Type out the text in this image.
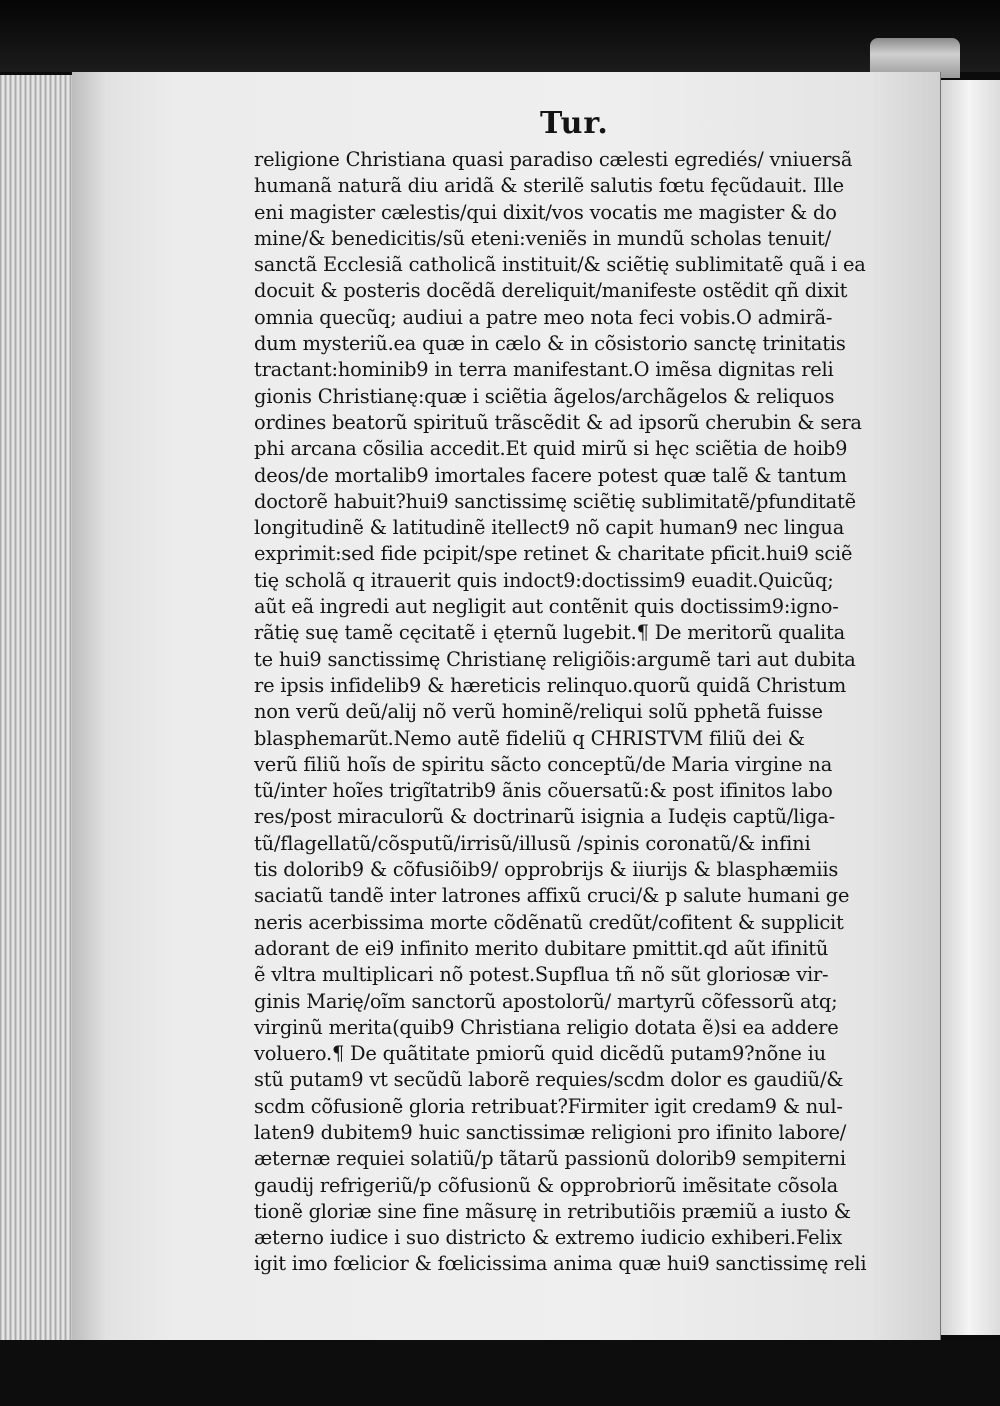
Tur.
religione Christiana quasi paradiso cælesti egrediés/ vniuersã
humanã naturã diu aridã & sterilẽ salutis fœtu fęcũdauit. Ille
eni magister cælestis/qui dixit/vos vocatis me magister & do
mine/& benedicitis/sũ eteni:veniẽs in mundũ scholas tenuit/
sanctã Ecclesiã catholicã instituit/& sciẽtię sublimitatẽ quã i ea
docuit & posteris docẽdã dereliquit/manifeste ostẽdit qñ dixit
omnia quecũq; audiui a patre meo nota feci vobis.O admirã-
dum mysteriũ.ea quæ in cælo & in cõsistorio sanctę trinitatis
tractant:hominib9 in terra manifestant.O imẽsa dignitas reli
gionis Christianę:quæ i sciẽtia ãgelos/archãgelos & reliquos
ordines beatorũ spirituũ trãscẽdit & ad ipsorũ cherubin & sera
phi arcana cõsilia accedit.Et quid mirũ si hęc sciẽtia de hoib9
deos/de mortalib9 imortales facere potest quæ talẽ & tantum
doctorẽ habuit?hui9 sanctissimę sciẽtię sublimitatẽ/pfunditatẽ
longitudinẽ & latitudinẽ itellect9 nõ capit human9 nec lingua
exprimit:sed fide pcipit/spe retinet & charitate pficit.hui9 sciẽ
tię scholã q itrauerit quis indoct9:doctissim9 euadit.Quicũq;
aũt eã ingredi aut negligit aut contẽnit quis doctissim9:igno-
rãtię suę tamẽ cęcitatẽ i ęternũ lugebit.¶ De meritorũ qualita
te hui9 sanctissimę Christianę religiõis:argumẽ tari aut dubita
re ipsis infidelib9 & hæreticis relinquo.quorũ quidã Christum
non verũ deũ/alij nõ verũ hominẽ/reliqui solũ pphetã fuisse
blasphemarũt.Nemo autẽ fideliũ q CHRISTVM filiũ dei &
verũ filiũ hoĩs de spiritu sãcto conceptũ/de Maria virgine na
tũ/inter hoĩes trigĩtatrib9 ãnis cõuersatũ:& post ifinitos labo
res/post miraculorũ & doctrinarũ isignia a Iudęis captũ/liga-
tũ/flagellatũ/cõsputũ/irrisũ/illusũ /spinis coronatũ/& infini
tis dolorib9 & cõfusiõib9/ opprobrijs & iiurijs & blasphæmiis
saciatũ tandẽ inter latrones affixũ cruci/& p salute humani ge
neris acerbissima morte cõdẽnatũ credũt/cofitent & supplicit
adorant de ei9 infinito merito dubitare pmittit.qd aũt ifinitũ
ẽ vltra multiplicari nõ potest.Supflua tñ nõ sũt gloriosæ vir-
ginis Marię/oĩm sanctorũ apostolorũ/ martyrũ cõfessorũ atq;
virginũ merita(quib9 Christiana religio dotata ẽ)si ea addere
voluero.¶ De quãtitate pmiorũ quid dicẽdũ putam9?nõne iu
stũ putam9 vt secũdũ laborẽ requies/scdm dolor es gaudiũ/&
scdm cõfusionẽ gloria retribuat?Firmiter igit credam9 & nul-
laten9 dubitem9 huic sanctissimæ religioni pro ifinito labore/
æternæ requiei solatiũ/p tãtarũ passionũ dolorib9 sempiterni
gaudij refrigeriũ/p cõfusionũ & opprobriorũ imẽsitate cõsola
tionẽ gloriæ sine fine mãsurę in retributiõis præmiũ a iusto &
æterno iudice i suo districto & extremo iudicio exhiberi.Felix
igit imo fœlicior & fœlicissima anima quæ hui9 sanctissimę reli
